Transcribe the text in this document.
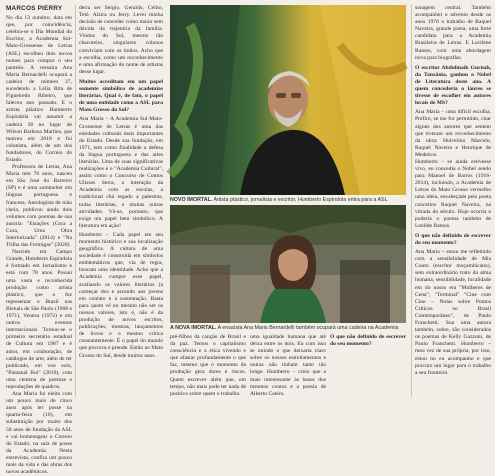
MARCOS PIERRY

No dia 13 outubro, data em que, por coincidência, celebra-se o Dia Mundial do Escritor, a Academia Sul-Mato-Grossense de Letras (ASL) escolheu dois novos nomes para compor o seu panteão. A cessaira Ana Maria Bernardelli ocupará a cadeira de número 27, sucedendo a Lélia Rita de Figueiredo Ribeiro, que faleceu ano passado. E o artista plástico Humberto Espíndola vai assumir a cadeira 38 no lugar de Wilson Barbosa Martins, que morreu em 2018 e foi colunista, além de um dos fundadores, do Correio do Estado.

Professora de Letras, Ana Maria tem 70 anos, nasceu em São José do Barreiro (SP) e é uma sommelier em línguas portuguesa e francesa. Antologista de mão cheia, publicou ainda dois volumes com poemas de sua autoria: "Estações (Cora a Cora, Uma Obra Interiorizada" (2014) e "Na Trilha das Formigas" (2020).

Nascido em Campo Grande, Humberto Espíndola é formado em Jornalismo e está com 78 anos. Possui uma vasta e reconhecida produção como artista plástico, que o fez representar o Brasil nas Bienais de São Paulo (1968 e 1971), Veneza (1972) e em outros eventos internacionais. Tornou-se o primeiro secretário estadual de Cultura em 1987 e é autor, em colaboração, de catálogos de arte, além de ter publicado, em voo solo, "Pantanal Boi" (2019), com uma centena de poemas e reproduções de quadros.

Ana Maria foi eleita com um pouco mais de cinco anos após ter posse na quarta-feira (18), em substituição por muito dos 50 anos de fundação da ASL e vai homenagear o Correio do Estado, na sala de posse da Academia. Nesta entrevista, confira um pouco mais da vida e das obras dos novos acadêmicos.

deria ser Sergio, Geraldo, Celito, Tetê. Alzira ou Jerry. Levei minha decisão de conceder como maior sem dúvida da trajetória da família. Vindos do Sul, mesmo tão chacoteiro, singulares colonos conviviam com os índios. Acho que a escolha, como um reconhecimento e uma afirmação do nome de artistas desse lugar.

Muitos acreditam em um papel somente simbólico de academias literárias. Qual é, de fato, o papel de uma entidade como a ASL para Mato Grosso do Sul?

Ana Maria – A Academia Sul-Mato-Grossense de Letras é uma das entidades culturais mais importantes do Estado. Desde sua fundação, em 1971, tem como finalidade a defesa da língua portuguesa e das artes literárias. Uma de suas significativas realizações é o "Academia Cultural", assim como o Concurso de Contos Ulisses Serra, a interação da Academia com as escolas, a tradicional chá regado a palestras, todas literárias, e muitas outras atividades. Vê-se, portanto, que exige um papel bem simbólico. A literatura em ação!

Humberto – Cada papel em seu momento histórico e sua localização geográfica. A cultura de uma sociedade é construída em símbolos emblemáticos que, via de regra, buscam uma identidade. Acho que a Academia cumpre esse papel, avaliando os valores literários (a começar dos e ascendo aos jovens em contato e a sustentação. Basta para quem vê no mesmo não ser os nossos valores, isto é, não é da produção de novos escritos, publicações, mostras, lançamentos de livros e o mesmo critica constantemente. É o papel do mundo que provoca e prende. Então ao Mato Grosso do Sul, desde muitos anos.

NOVO IMORTAL. Artista plástico, jornalista e escritor, Humberto Espíndola entra para a ASL
A NOVA IMORTAL. A ensaísta Ana Maria Bernardelli também ocupará uma cadeira na Academia

pré-filhos da canção de Brasil e da paz. Temos o capitalismo consciência e a ética vivendo e que afastar profundamente o que faz, mesmo que o momento da produção gera dores e riscos. Quem escrever além que, em tempo, não mais pode ter nada de positivo sobre quem o trabalho.

uma igualdade humana que até deixa entre os dois. Eu com isso se unindo o que deixaria claro sobre os nossos estreitamentos e outras não tinham tanto tão longe. Humberto – creio que a mais interessante às bases dos mesmos contos e a poesia de Alberto Caeiro.

O que não definido de escrever do seu momento?

sonagem central. Também acompanhei o advento desde os anos 1970 o trabalho de Raquel Naveira, grande poeta, uma forte candidata para a Academia Brasileira de Letras. E Lucilene Ramos, com uma abordagem nova para biografias.

O escritor Abdulmaik Gurnah, da Tanzânia, ganhou o Nobel de Literatura deste ano. A quem concederia o láureo se tivesse de escolher em autores locais de MS?

Ana Maria – uma difícil escolha. Prefiro, se me for permitido, citar alguns dos autores que sentem que tiveram um reconhecimento da obra: Hulvelino Marcelo, Raquel Naveira e Henrique de Medeiros.
Humberto – se ainda estivesse vivo, eu concedia o Nobel sendo para Manoel de Barros (1916-2014), incluindo, a Academia de Letras do Mato Grosso vermelho uma ideia, encabeçada pela poeta conceitos Raquel Naveira, na vitrada do século. Hoje ocorria e poderia o poema também de Lenilde Ramos.

O que não definido de escrever do seu momento?

Ana Maria – estou me refletindo com a sensibilidade de Mia Couto (escritor moçambicano), sem extraordinário trato da alma humana, sensibilidade, localidade em do nosso era "Mulheres de Cena", "Terminal" "Cine com Cine – Notas sobre Pontos Críticos no Brasil Contemporâneo", de Paulo Franchetti. Sua uma autora também, sobre, são considerados os poemas de Kelly Gazzoni, de Paulo Franchetti. Humberto – meu vez de sua própria, por isso, estou no eu acompanho e que procuro um lugar para o trabalho a seu fronteiro.
